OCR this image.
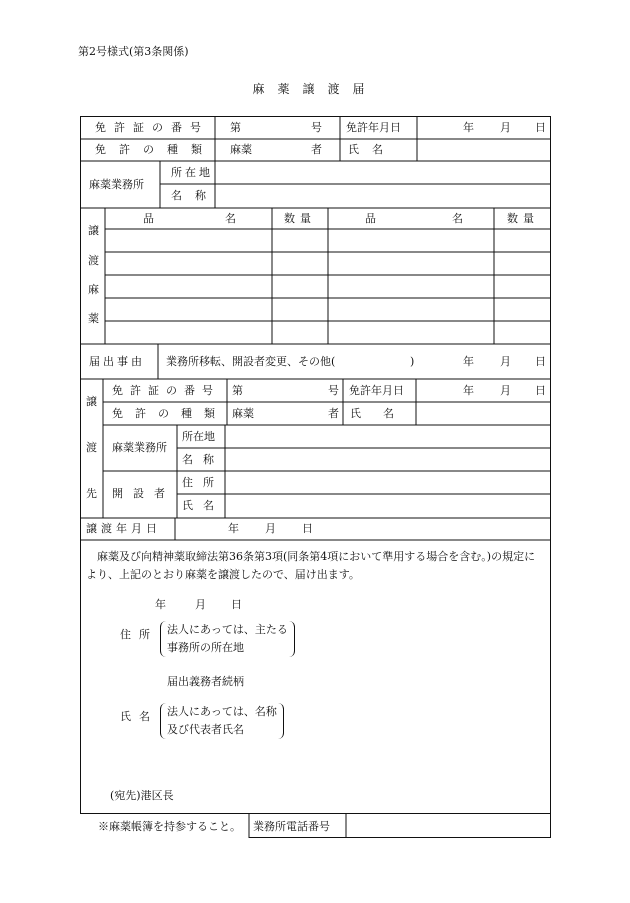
第2号様式(第3条関係)
麻薬譲渡届
免許証の番号 第	号 免許年月日	年 月 日
免許の種類 麻薬	者 氏名
麻薬業務所
所在地
名称
譲
渡
麻
薬
品	名	数量	品	名	数量
届出事由 業務所移転、開設者変更、その他(	)	年 月 日
譲
渡
先
免許証の番号 第	号 免許年月日	年 月 日
免許の種類 麻薬	者 氏名
麻薬業務所
所在地
名称
開設者
住所
氏名
譲渡年月日	年 月 日
麻薬及び向精神薬取締法第36条第3項(同条第4項において準用する場合を含む。)の規定により、上記のとおり麻薬を譲渡したので、届け出ます。
年	月 日
住所 法人にあっては、主たる
事務所の所在地
届出義務者続柄
氏名 法人にあっては、名称
及び代表者氏名
(宛先)港区長
※麻薬帳簿を持参すること。 業務所電話番号
